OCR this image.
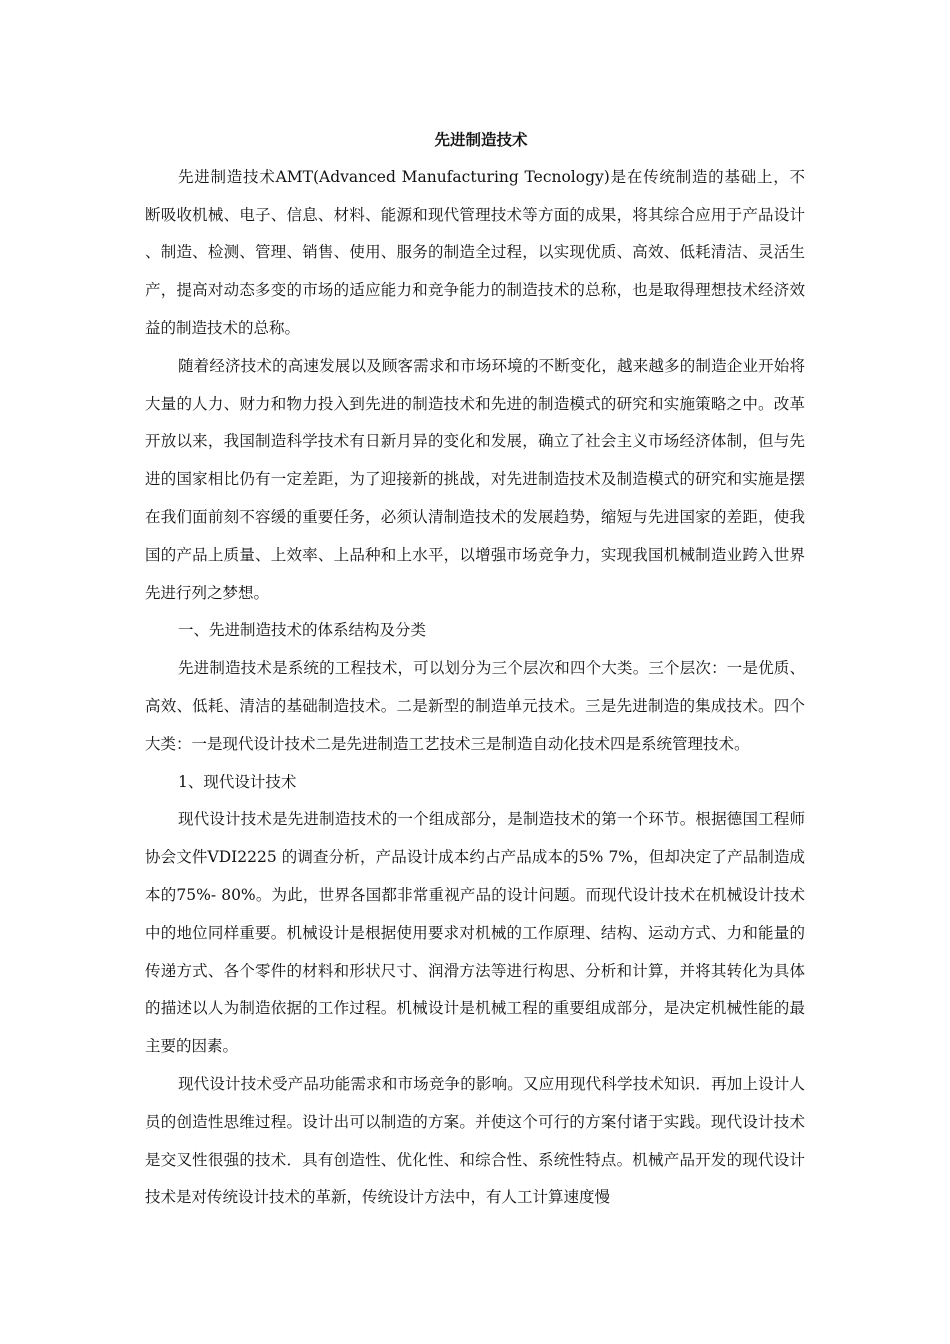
先进制造技术

先进制造技术AMT(Advanced Manufacturing Tecnology)是在传统制造的基础上，不断吸收机械、电子、信息、材料、能源和现代管理技术等方面的成果，将其综合应用于产品设计、制造、检测、管理、销售、使用、服务的制造全过程，以实现优质、高效、低耗清洁、灵活生产，提高对动态多变的市场的适应能力和竞争能力的制造技术的总称，也是取得理想技术经济效益的制造技术的总称。

随着经济技术的高速发展以及顾客需求和市场环境的不断变化，越来越多的制造企业开始将大量的人力、财力和物力投入到先进的制造技术和先进的制造模式的研究和实施策略之中。改革开放以来，我国制造科学技术有日新月异的变化和发展，确立了社会主义市场经济体制，但与先进的国家相比仍有一定差距，为了迎接新的挑战，对先进制造技术及制造模式的研究和实施是摆在我们面前刻不容缓的重要任务，必须认清制造技术的发展趋势，缩短与先进国家的差距，使我国的产品上质量、上效率、上品种和上水平，以增强市场竞争力，实现我国机械制造业跨入世界先进行列之梦想。

一、先进制造技术的体系结构及分类

先进制造技术是系统的工程技术，可以划分为三个层次和四个大类。三个层次：一是优质、高效、低耗、清洁的基础制造技术。二是新型的制造单元技术。三是先进制造的集成技术。四个大类：一是现代设计技术二是先进制造工艺技术三是制造自动化技术四是系统管理技术。

1、现代设计技术

现代设计技术是先进制造技术的一个组成部分，是制造技术的第一个环节。根据德国工程师协会文件VDI2225 的调查分析，产品设计成本约占产品成本的5% 7%，但却决定了产品制造成本的75%- 80%。为此，世界各国都非常重视产品的设计问题。而现代设计技术在机械设计技术中的地位同样重要。机械设计是根据使用要求对机械的工作原理、结构、运动方式、力和能量的传递方式、各个零件的材料和形状尺寸、润滑方法等进行构思、分析和计算，并将其转化为具体的描述以人为制造依据的工作过程。机械设计是机械工程的重要组成部分，是决定机械性能的最主要的因素。

现代设计技术受产品功能需求和市场竞争的影响。又应用现代科学技术知识．再加上设计人员的创造性思维过程。设计出可以制造的方案。并使这个可行的方案付诸于实践。现代设计技术是交叉性很强的技术．具有创造性、优化性、和综合性、系统性特点。机械产品开发的现代设计技术是对传统设计技术的革新，传统设计方法中，有人工计算速度慢
